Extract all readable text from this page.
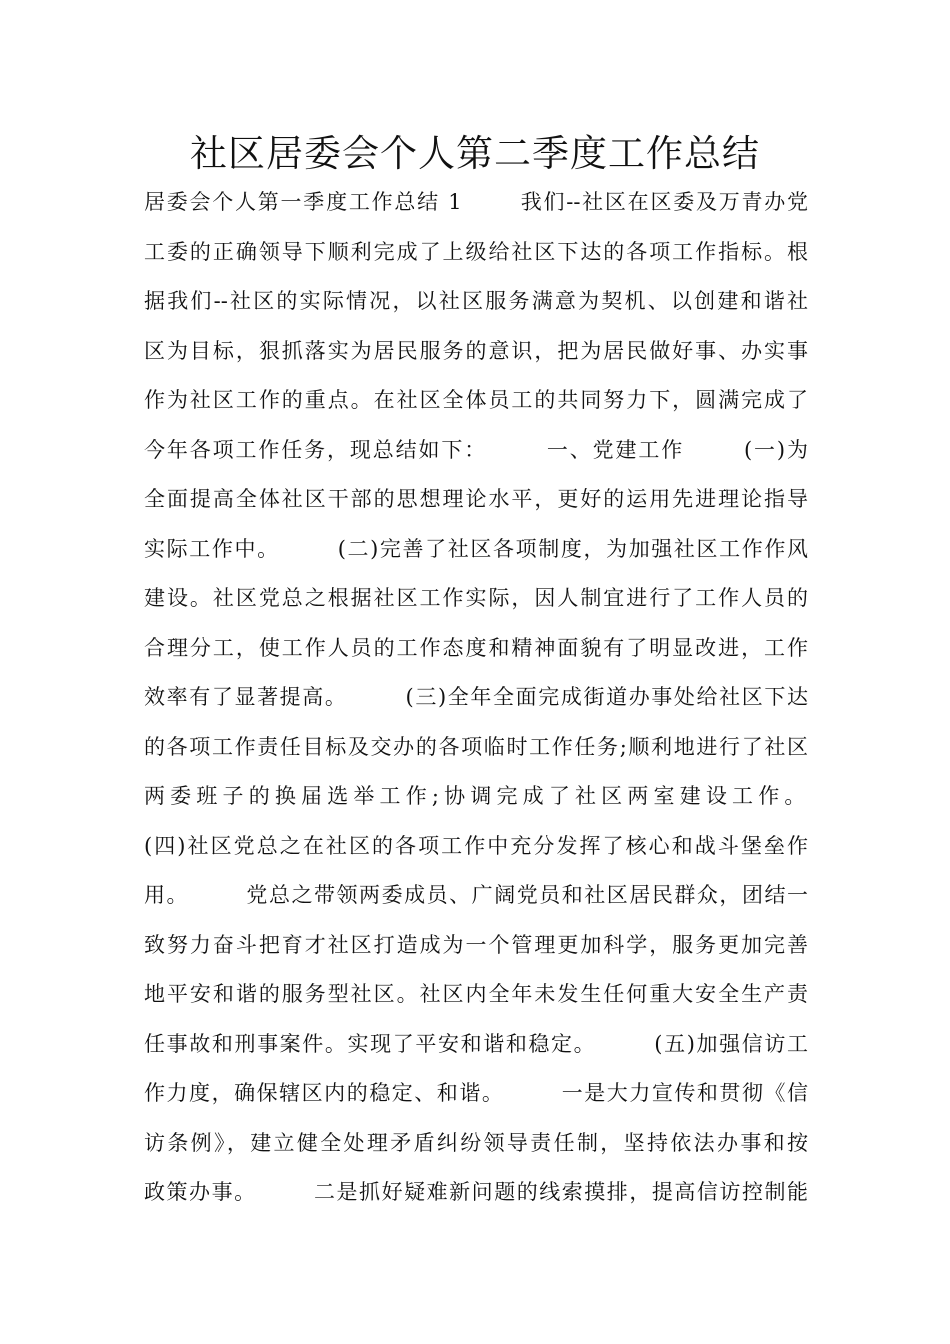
社区居委会个人第二季度工作总结
居委会个人第一季度工作总结 1       我们--社区在区委及万青办党
工委的正确领导下顺利完成了上级给社区下达的各项工作指标。根
据我们--社区的实际情况，以社区服务满意为契机、以创建和谐社
区为目标，狠抓落实为居民服务的意识，把为居民做好事、办实事
作为社区工作的重点。在社区全体员工的共同努力下，圆满完成了
今年各项工作任务，现总结如下：       一、党建工作       (一)为
全面提高全体社区干部的思想理论水平，更好的运用先进理论指导
实际工作中。       (二)完善了社区各项制度，为加强社区工作作风
建设。社区党总之根据社区工作实际，因人制宜进行了工作人员的
合理分工，使工作人员的工作态度和精神面貌有了明显改进，工作
效率有了显著提高。       (三)全年全面完成街道办事处给社区下达
的各项工作责任目标及交办的各项临时工作任务;顺利地进行了社区
两委班子的换届选举工作;协调完成了社区两室建设工作。
(四)社区党总之在社区的各项工作中充分发挥了核心和战斗堡垒作
用。       党总之带领两委成员、广阔党员和社区居民群众，团结一
致努力奋斗把育才社区打造成为一个管理更加科学，服务更加完善
地平安和谐的服务型社区。社区内全年未发生任何重大安全生产责
任事故和刑事案件。实现了平安和谐和稳定。       (五)加强信访工
作力度，确保辖区内的稳定、和谐。       一是大力宣传和贯彻《信
访条例》，建立健全处理矛盾纠纷领导责任制，坚持依法办事和按
政策办事。       二是抓好疑难新问题的线索摸排，提高信访控制能
